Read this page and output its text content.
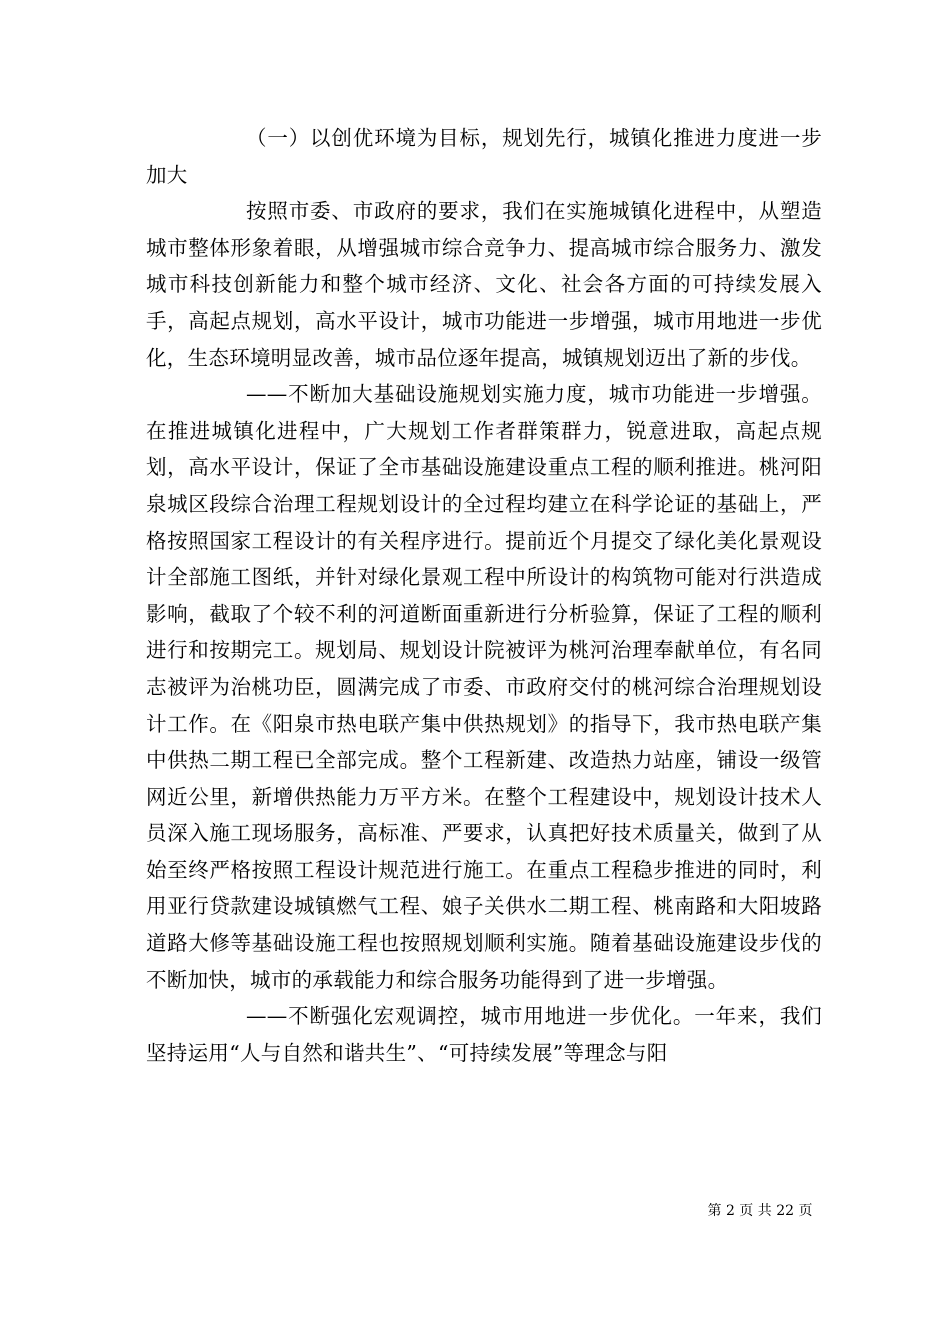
（一）以创优环境为目标，规划先行，城镇化推进力度进一步加大

按照市委、市政府的要求，我们在实施城镇化进程中，从塑造城市整体形象着眼，从增强城市综合竞争力、提高城市综合服务力、激发城市科技创新能力和整个城市经济、文化、社会各方面的可持续发展入手，高起点规划，高水平设计，城市功能进一步增强，城市用地进一步优化，生态环境明显改善，城市品位逐年提高，城镇规划迈出了新的步伐。

——不断加大基础设施规划实施力度，城市功能进一步增强。在推进城镇化进程中，广大规划工作者群策群力，锐意进取，高起点规划，高水平设计，保证了全市基础设施建设重点工程的顺利推进。桃河阳泉城区段综合治理工程规划设计的全过程均建立在科学论证的基础上，严格按照国家工程设计的有关程序进行。提前近个月提交了绿化美化景观设计全部施工图纸，并针对绿化景观工程中所设计的构筑物可能对行洪造成影响，截取了个较不利的河道断面重新进行分析验算，保证了工程的顺利进行和按期完工。规划局、规划设计院被评为桃河治理奉献单位，有名同志被评为治桃功臣，圆满完成了市委、市政府交付的桃河综合治理规划设计工作。在《阳泉市热电联产集中供热规划》的指导下，我市热电联产集中供热二期工程已全部完成。整个工程新建、改造热力站座，铺设一级管网近公里，新增供热能力万平方米。在整个工程建设中，规划设计技术人员深入施工现场服务，高标准、严要求，认真把好技术质量关，做到了从始至终严格按照工程设计规范进行施工。在重点工程稳步推进的同时，利用亚行贷款建设城镇燃气工程、娘子关供水二期工程、桃南路和大阳坡路道路大修等基础设施工程也按照规划顺利实施。随着基础设施建设步伐的不断加快，城市的承载能力和综合服务功能得到了进一步增强。

——不断强化宏观调控，城市用地进一步优化。一年来，我们坚持运用“人与自然和谐共生”、“可持续发展”等理念与阳

第 2 页 共 22 页
